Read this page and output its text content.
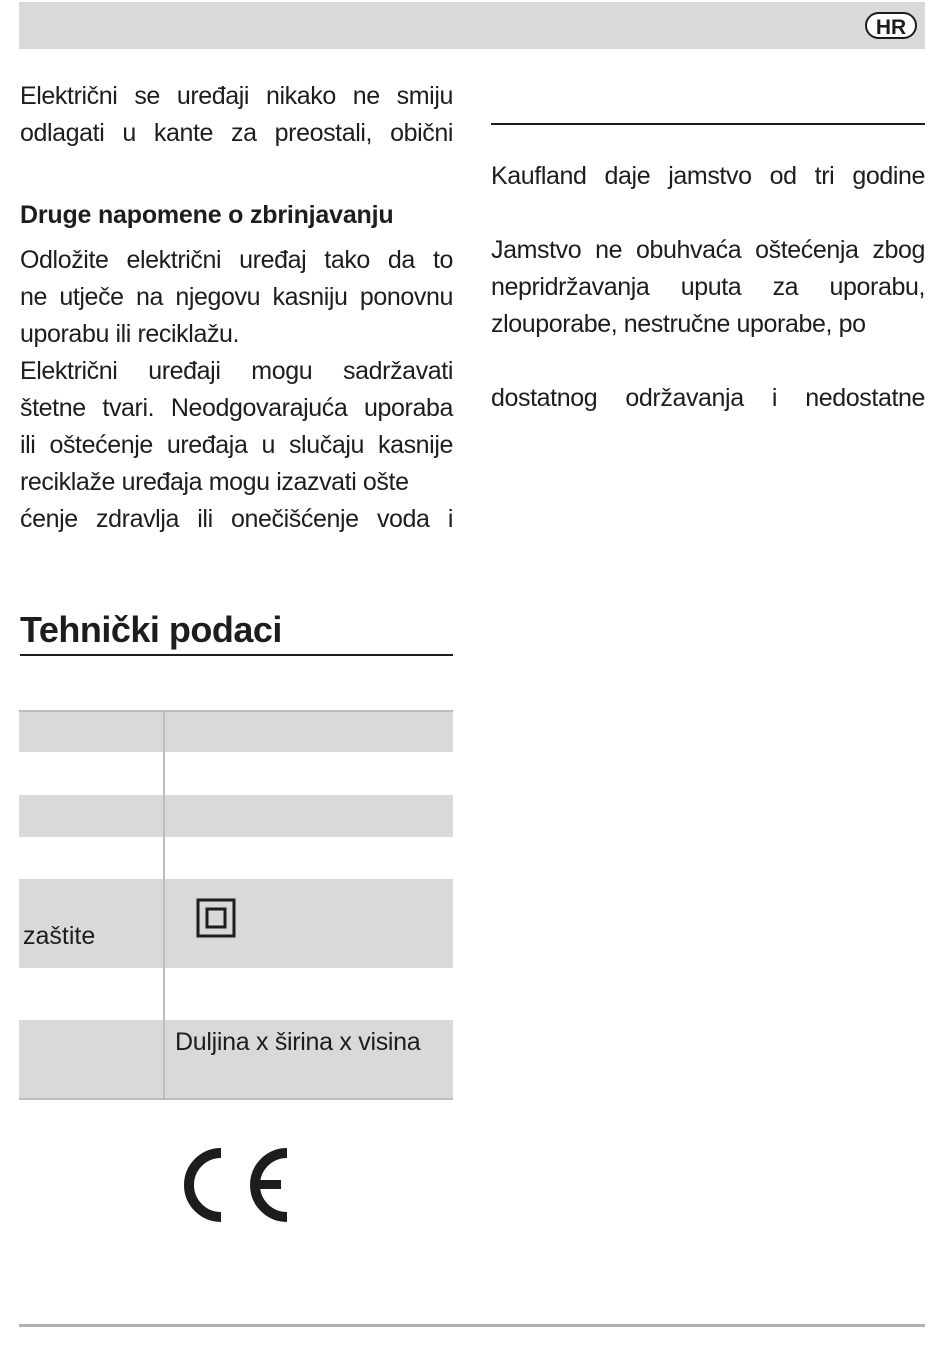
HR

Električni se uređaji nikako ne smiju

odlagati u kante za preostali, obični

Druge napomene o zbrinjavanju

Odložite električni uređaj tako da to

ne utječe na njegovu kasniju ponovnu

uporabu ili reciklažu.

Električni uređaji mogu sadržavati

štetne tvari. Neodgovarajuća uporaba

ili oštećenje uređaja u slučaju kasnije

reciklaže uređaja mogu izazvati ošte

ćenje zdravlja ili onečišćenje voda i

Tehnički podaci
zaštite
Duljina x širina x visina
CE

Kaufland daje jamstvo od tri godine

Jamstvo ne obuhvaća oštećenja zbog

nepridržavanja uputa za uporabu,

zlouporabe, nestručne uporabe, po

dostatnog održavanja i nedostatne
